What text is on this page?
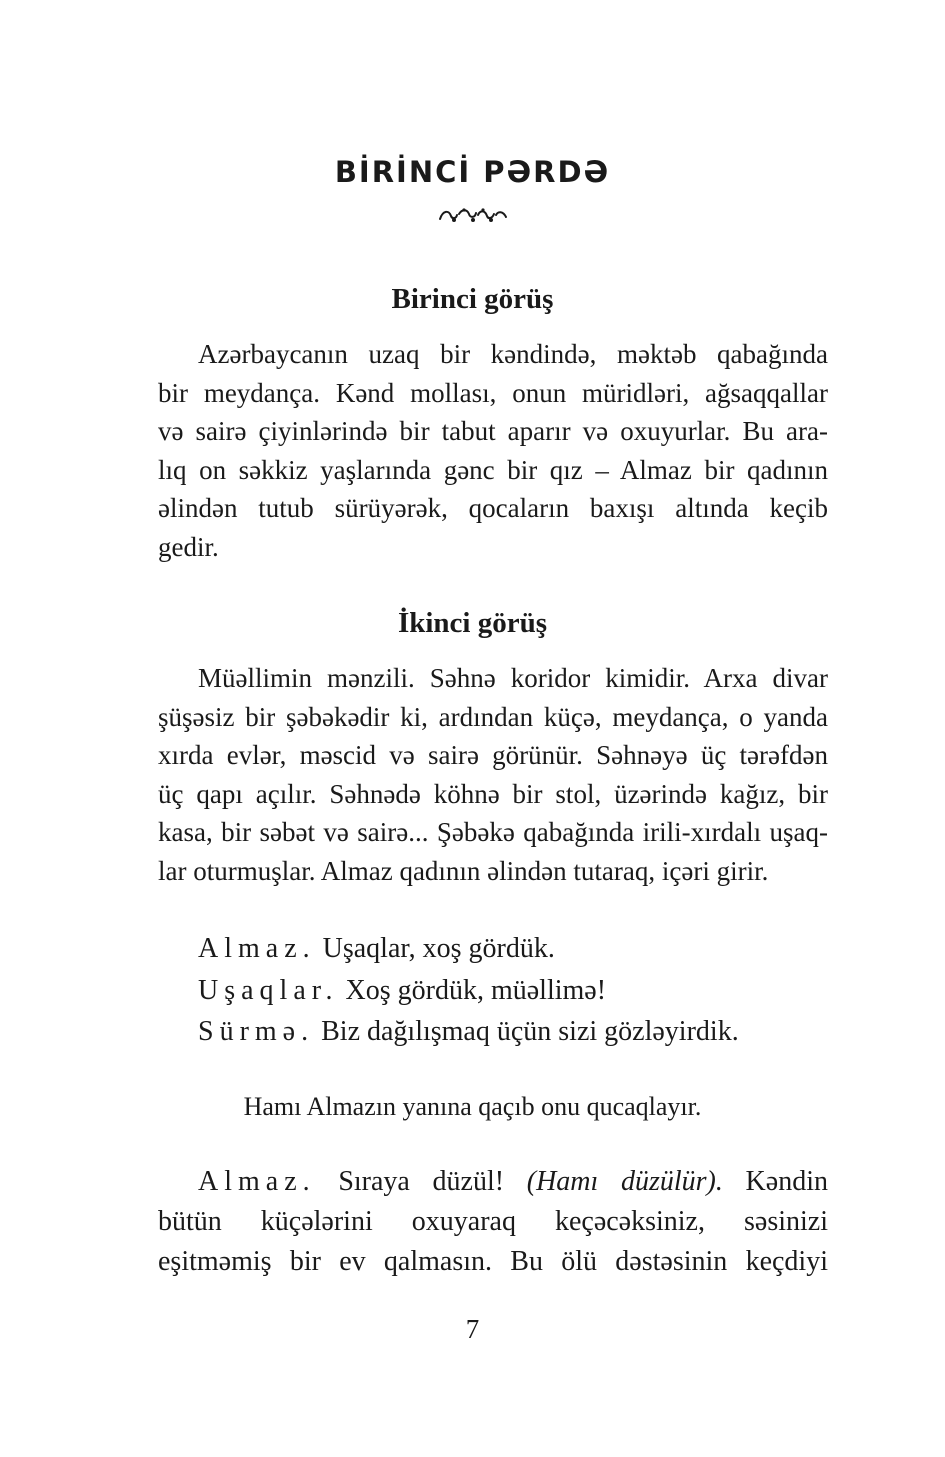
BİRİNCİ PƏRDƏ
Birinci görüş
Azərbaycanın uzaq bir kəndində, məktəb qabağında
bir meydança. Kənd mollası, onun müridləri, ağsaqqallar
və sairə çiyinlərində bir tabut aparır və oxuyurlar. Bu ara-
lıq on səkkiz yaşlarında gənc bir qız – Almaz bir qadının
əlindən tutub sürüyərək, qocaların baxışı altında keçib
gedir.
İkinci görüş
Müəllimin mənzili. Səhnə koridor kimidir. Arxa divar
şüşəsiz bir şəbəkədir ki, ardından küçə, meydança, o yanda
xırda evlər, məscid və sairə görünür. Səhnəyə üç tərəfdən
üç qapı açılır. Səhnədə köhnə bir stol, üzərində kağız, bir
kasa, bir səbət və sairə... Şəbəkə qabağında irili-xırdalı uşaq-
lar oturmuşlar. Almaz qadının əlindən tutaraq, içəri girir.
Almaz. Uşaqlar, xoş gördük.
Uşaqlar. Xoş gördük, müəllimə!
Sürmə. Biz dağılışmaq üçün sizi gözləyirdik.
Hamı Almazın yanına qaçıb onu qucaqlayır.
Almaz. Sıraya düzül! (Hamı düzülür). Kəndin
bütün küçələrini oxuyaraq keçəcəksiniz, səsinizi
eşitməmiş bir ev qalmasın. Bu ölü dəstəsinin keçdiyi
7
